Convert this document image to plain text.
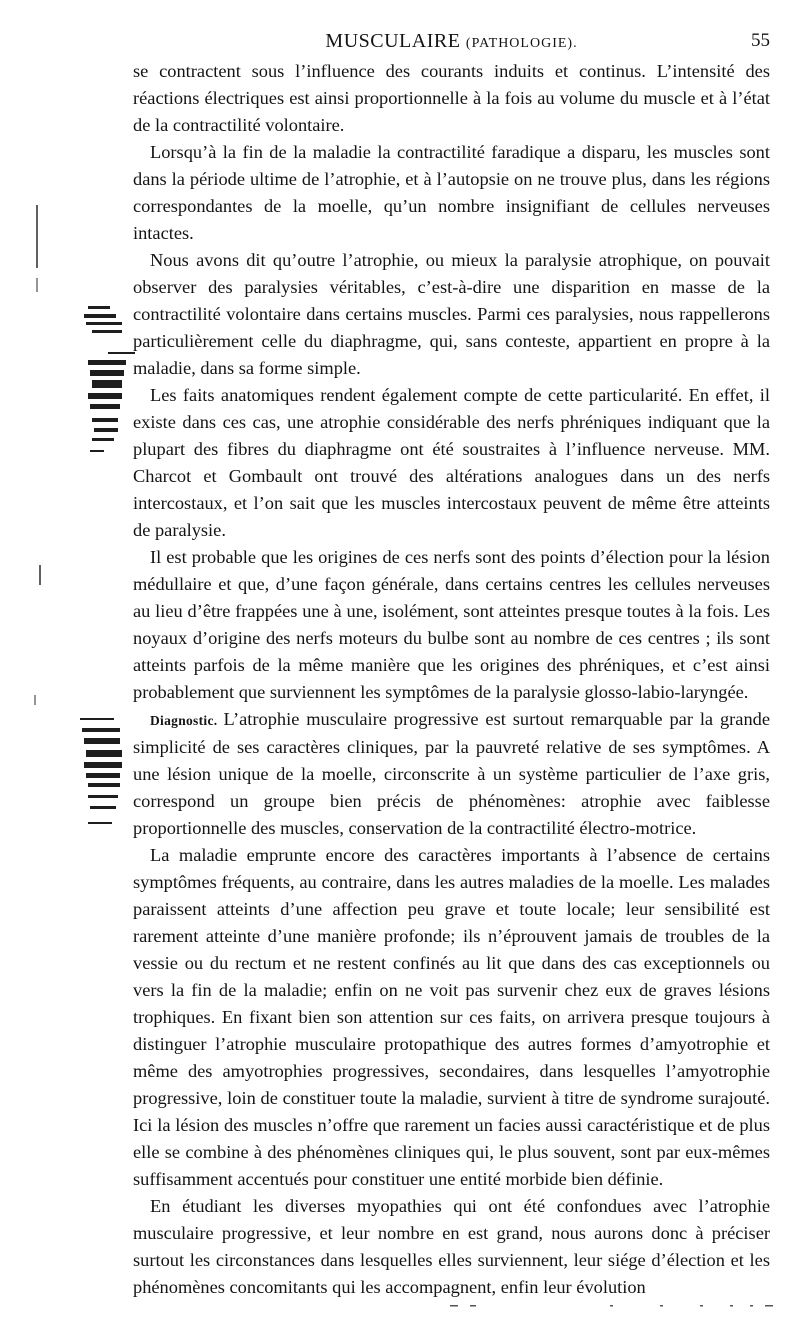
MUSCULAIRE (PATHOLOGIE).	55

se contractent sous l’influence des courants induits et continus. L’intensité des réactions électriques est ainsi proportionnelle à la fois au volume du muscle et à l’état de la contractilité volontaire.

Lorsqu’à la fin de la maladie la contractilité faradique a disparu, les muscles sont dans la période ultime de l’atrophie, et à l’autopsie on ne trouve plus, dans les régions correspondantes de la moelle, qu’un nombre insignifiant de cellules nerveuses intactes.

Nous avons dit qu’outre l’atrophie, ou mieux la paralysie atrophique, on pouvait observer des paralysies véritables, c’est-à-dire une disparition en masse de la contractilité volontaire dans certains muscles. Parmi ces paralysies, nous rappellerons particulièrement celle du diaphragme, qui, sans conteste, appartient en propre à la maladie, dans sa forme simple.

Les faits anatomiques rendent également compte de cette particularité. En effet, il existe dans ces cas, une atrophie considérable des nerfs phréniques indiquant que la plupart des fibres du diaphragme ont été soustraites à l’influence nerveuse. MM. Charcot et Gombault ont trouvé des altérations analogues dans un des nerfs intercostaux, et l’on sait que les muscles intercostaux peuvent de même être atteints de paralysie.

Il est probable que les origines de ces nerfs sont des points d’élection pour la lésion médullaire et que, d’une façon générale, dans certains centres les cellules nerveuses au lieu d’être frappées une à une, isolément, sont atteintes presque toutes à la fois. Les noyaux d’origine des nerfs moteurs du bulbe sont au nombre de ces centres ; ils sont atteints parfois de la même manière que les origines des phréniques, et c’est ainsi probablement que surviennent les symptômes de la paralysie glosso-labio-laryngée.

Diagnostic. L’atrophie musculaire progressive est surtout remarquable par la grande simplicité de ses caractères cliniques, par la pauvreté relative de ses symptômes. A une lésion unique de la moelle, circonscrite à un système particulier de l’axe gris, correspond un groupe bien précis de phénomènes: atrophie avec faiblesse proportionnelle des muscles, conservation de la contractilité électro-motrice.

La maladie emprunte encore des caractères importants à l’absence de certains symptômes fréquents, au contraire, dans les autres maladies de la moelle. Les malades paraissent atteints d’une affection peu grave et toute locale; leur sensibilité est rarement atteinte d’une manière profonde; ils n’éprouvent jamais de troubles de la vessie ou du rectum et ne restent confinés au lit que dans des cas exceptionnels ou vers la fin de la maladie; enfin on ne voit pas survenir chez eux de graves lésions trophiques. En fixant bien son attention sur ces faits, on arrivera presque toujours à distinguer l’atrophie musculaire protopathique des autres formes d’amyotrophie et même des amyotrophies progressives, secondaires, dans lesquelles l’amyotrophie progressive, loin de constituer toute la maladie, survient à titre de syndrome surajouté. Ici la lésion des muscles n’offre que rarement un facies aussi caractéristique et de plus elle se combine à des phénomènes cliniques qui, le plus souvent, sont par eux-mêmes suffisamment accentués pour constituer une entité morbide bien définie.

En étudiant les diverses myopathies qui ont été confondues avec l’atrophie musculaire progressive, et leur nombre en est grand, nous aurons donc à préciser surtout les circonstances dans lesquelles elles surviennent, leur siége d’élection et les phénomènes concomitants qui les accompagnent, enfin leur évolution
